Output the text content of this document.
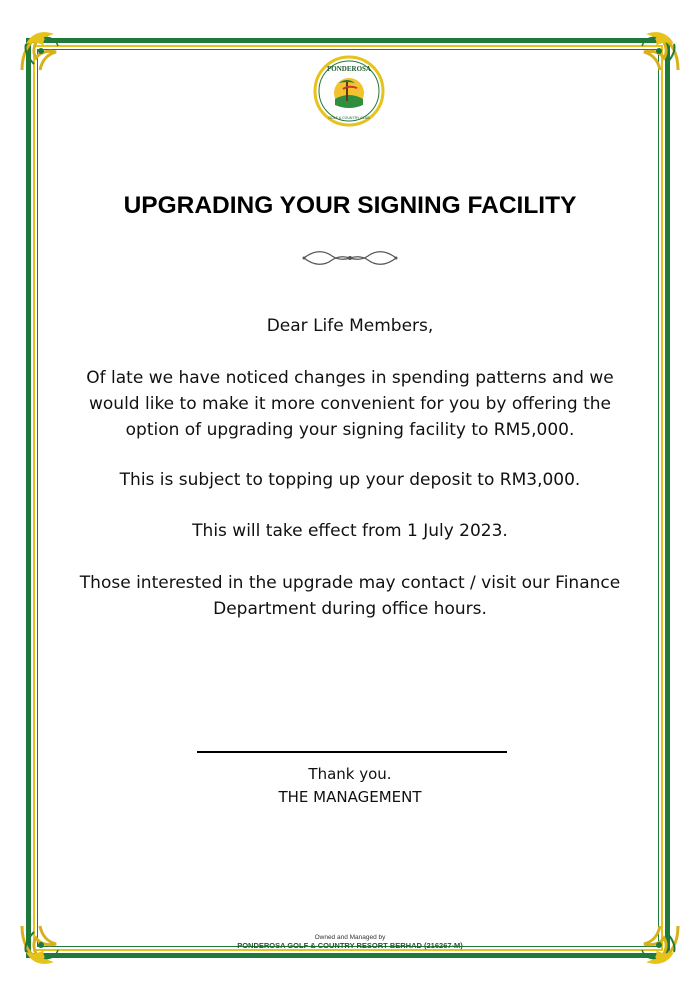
PONDEROSA
GOLF & COUNTRY CLUB
UPGRADING YOUR SIGNING FACILITY
Dear Life Members,
Of late we have noticed changes in spending patterns and we would like to make it more convenient for you by offering the option of upgrading your signing facility to RM5,000.
This is subject to topping up your deposit to RM3,000.
This will take effect from 1 July 2023.
Those interested in the upgrade may contact / visit our Finance Department during office hours.
Thank you.
THE MANAGEMENT
Owned and Managed by
PONDEROSA GOLF & COUNTRY RESORT BERHAD (216267-M)
